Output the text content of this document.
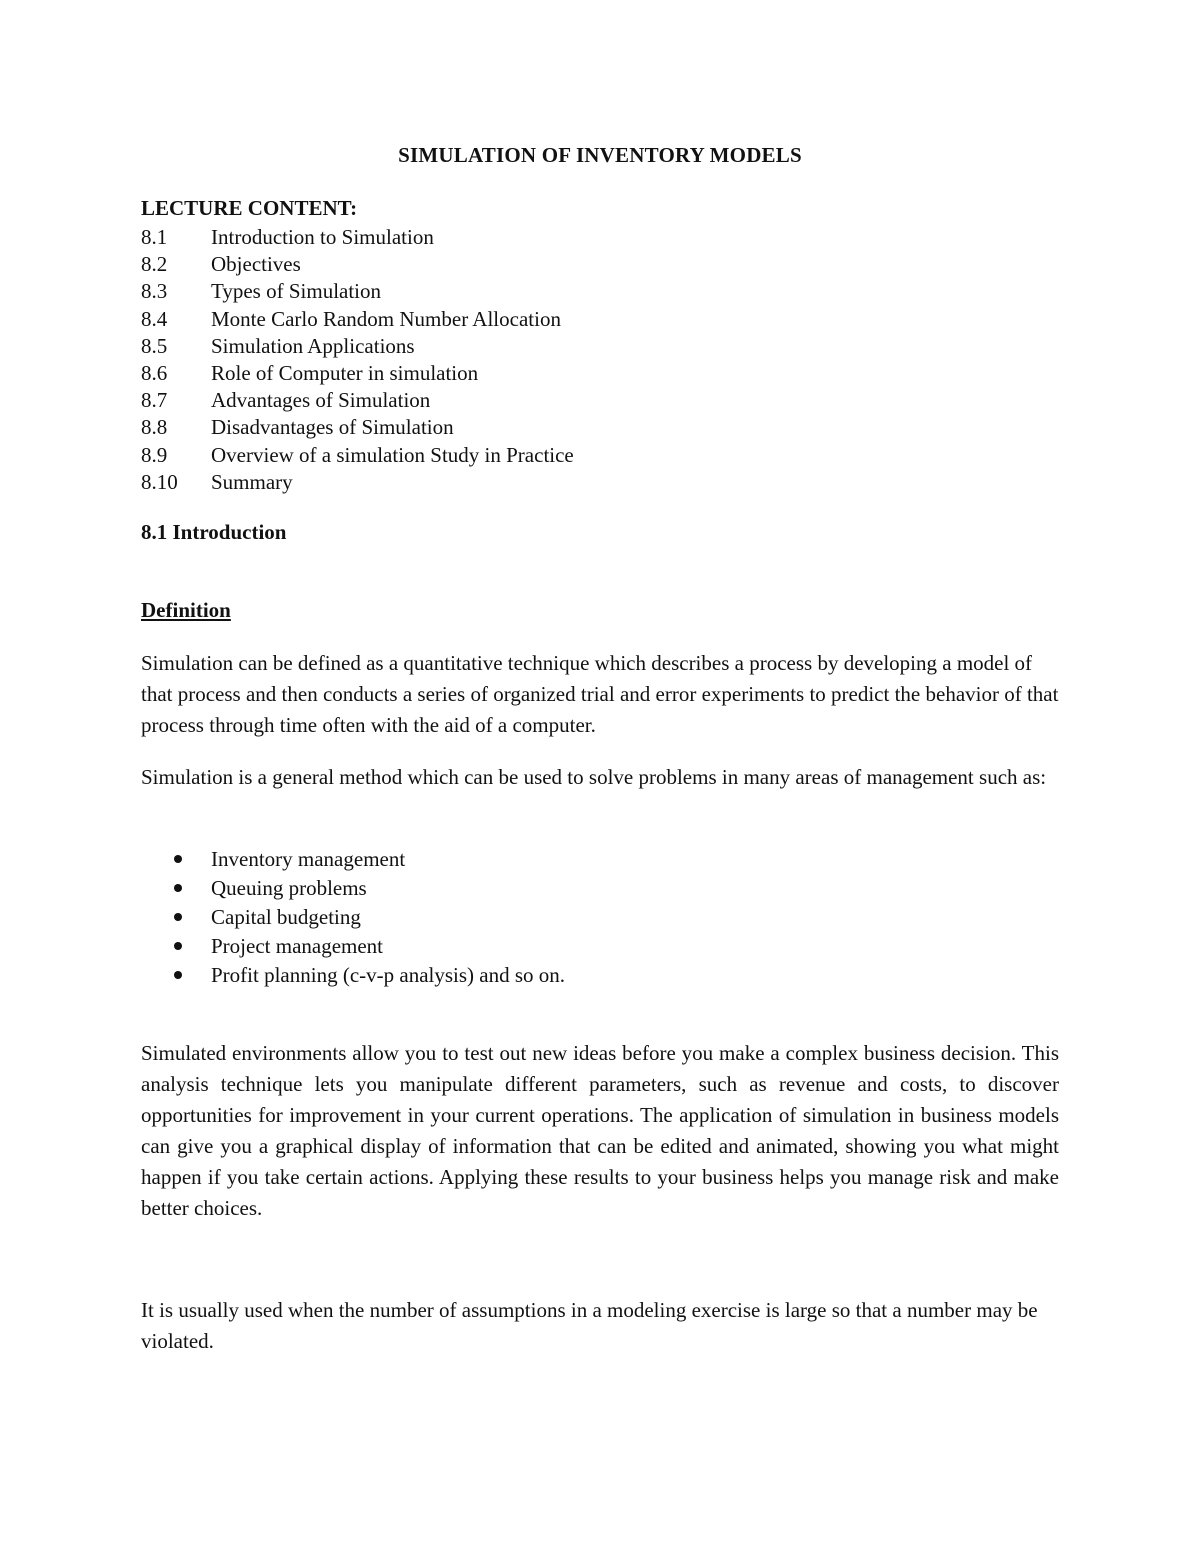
SIMULATION OF INVENTORY MODELS
LECTURE CONTENT:
8.1 Introduction to Simulation
8.2 Objectives
8.3 Types of Simulation
8.4 Monte Carlo Random Number Allocation
8.5 Simulation Applications
8.6 Role of Computer in simulation
8.7 Advantages of Simulation
8.8 Disadvantages of Simulation
8.9 Overview of a simulation Study in Practice
8.10 Summary
8.1 Introduction
Definition

Simulation can be defined as a quantitative technique which describes a process by developing a model of that process and then conducts a series of organized trial and error experiments to predict the behavior of that process through time often with the aid of a computer.

Simulation is a general method which can be used to solve problems in many areas of management such as:

Inventory management
Queuing problems
Capital budgeting
Project management
Profit planning (c-v-p analysis) and so on.

Simulated environments allow you to test out new ideas before you make a complex business decision. This analysis technique lets you manipulate different parameters, such as revenue and costs, to discover opportunities for improvement in your current operations. The application of simulation in business models can give you a graphical display of information that can be edited and animated, showing you what might happen if you take certain actions. Applying these results to your business helps you manage risk and make better choices.

It is usually used when the number of assumptions in a modeling exercise is large so that a number may be violated.
